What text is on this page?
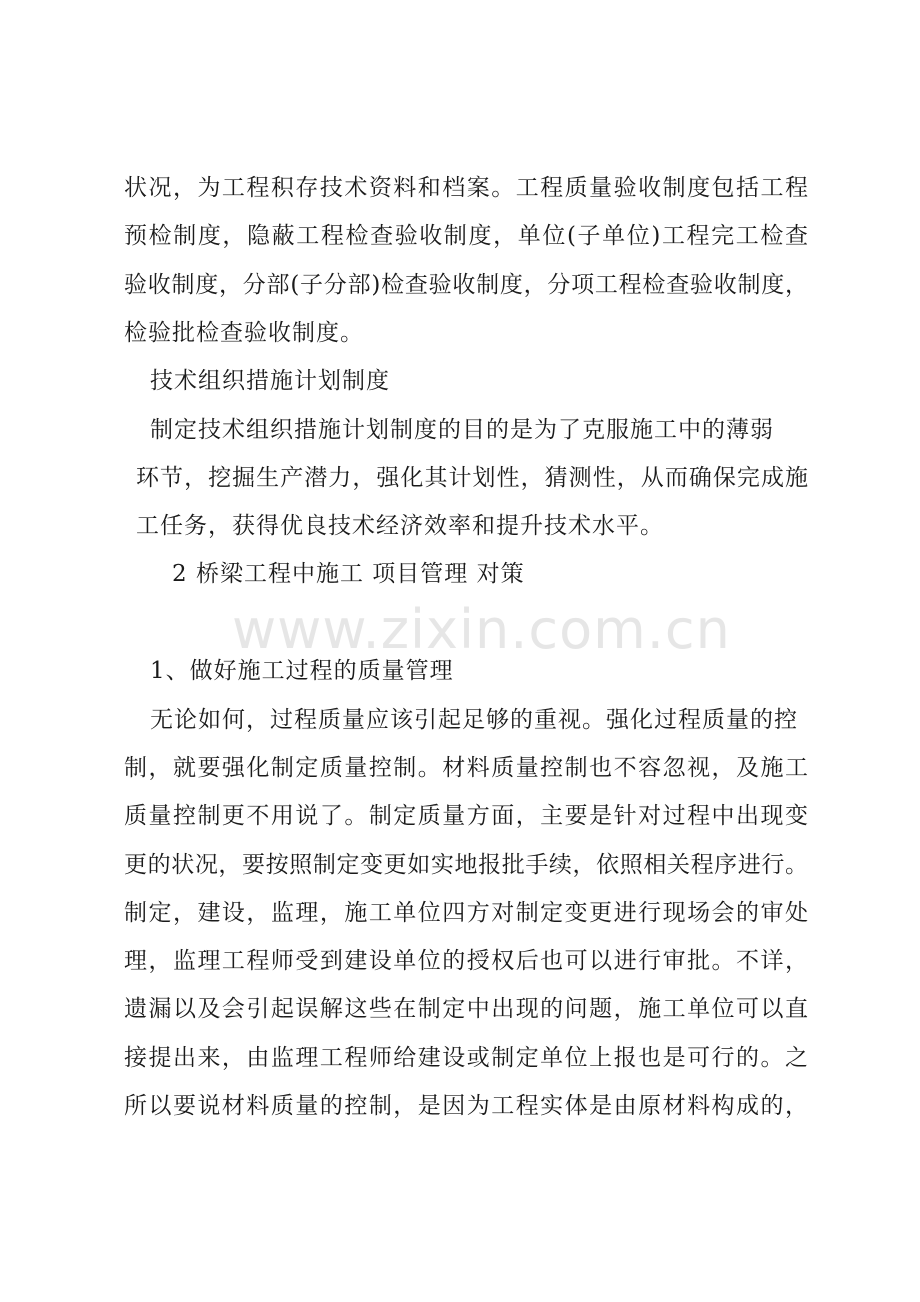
www.zixin.com.cn
状况，为工程积存技术资料和档案。工程质量验收制度包括工程
预检制度，隐蔽工程检查验收制度，单位(子单位)工程完工检查
验收制度，分部(子分部)检查验收制度，分项工程检查验收制度，
检验批检查验收制度。
技术组织措施计划制度
制定技术组织措施计划制度的目的是为了克服施工中的薄弱
环节，挖掘生产潜力，强化其计划性，猜测性，从而确保完成施
工任务，获得优良技术经济效率和提升技术水平。
2 桥梁工程中施工 项目管理 对策
1、做好施工过程的质量管理
无论如何，过程质量应该引起足够的重视。强化过程质量的控
制，就要强化制定质量控制。材料质量控制也不容忽视，及施工
质量控制更不用说了。制定质量方面，主要是针对过程中出现变
更的状况，要按照制定变更如实地报批手续，依照相关程序进行。
制定，建设，监理，施工单位四方对制定变更进行现场会的审处
理，监理工程师受到建设单位的授权后也可以进行审批。不详，
遗漏以及会引起误解这些在制定中出现的问题，施工单位可以直
接提出来，由监理工程师给建设或制定单位上报也是可行的。之
所以要说材料质量的控制，是因为工程实体是由原材料构成的，
